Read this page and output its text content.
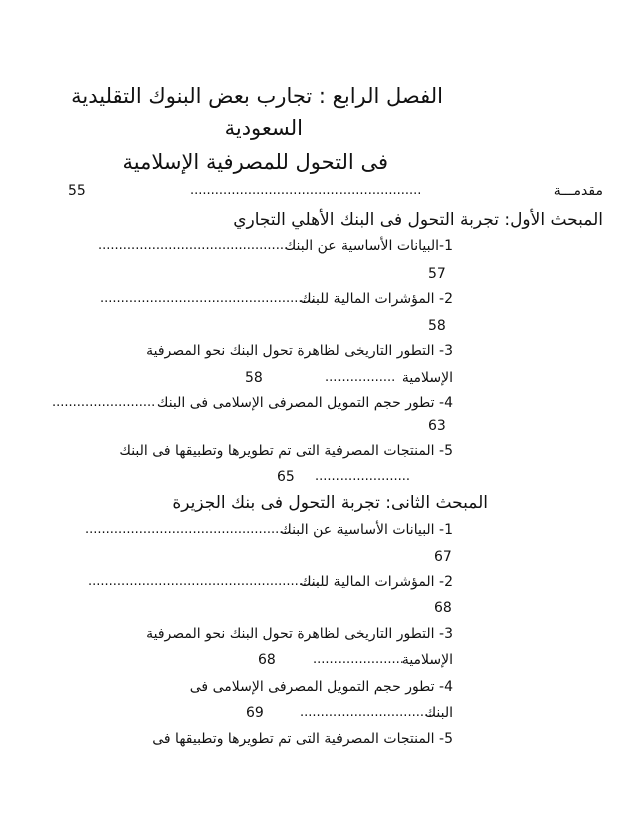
الفصل الرابع : تجارب بعض البنوك التقليدية
السعودية
فى التحول للمصرفية الإسلامية
مقدمـــة
........................................................
55
المبحث الأول: تجربة التحول فى البنك الأهلي التجاري
1-البيانات الأساسية عن البنك
..............................................
57
2- المؤشرات المالية للبنك
....................................................
58
3- التطور التاريخى لظاهرة تحول البنك نحو المصرفية
الإسلامية
.................
58
4- تطور حجم التمويل المصرفى الإسلامى فى البنك
.........................
63
5- المنتجات المصرفية التى تم تطويرها وتطبيقها فى البنك
.......................
65
المبحث الثانى: تجربة التحول فى بنك الجزيرة
1- البيانات الأساسية عن البنك
..................................................
67
2- المؤشرات المالية للبنك
........................................................
68
3- التطور التاريخى لظاهرة تحول البنك نحو المصرفية
الإسلامية
......................
68
4- تطور حجم التمويل المصرفى الإسلامى فى
البنك
................................
69
5- المنتجات المصرفية التى تم تطويرها وتطبيقها فى
